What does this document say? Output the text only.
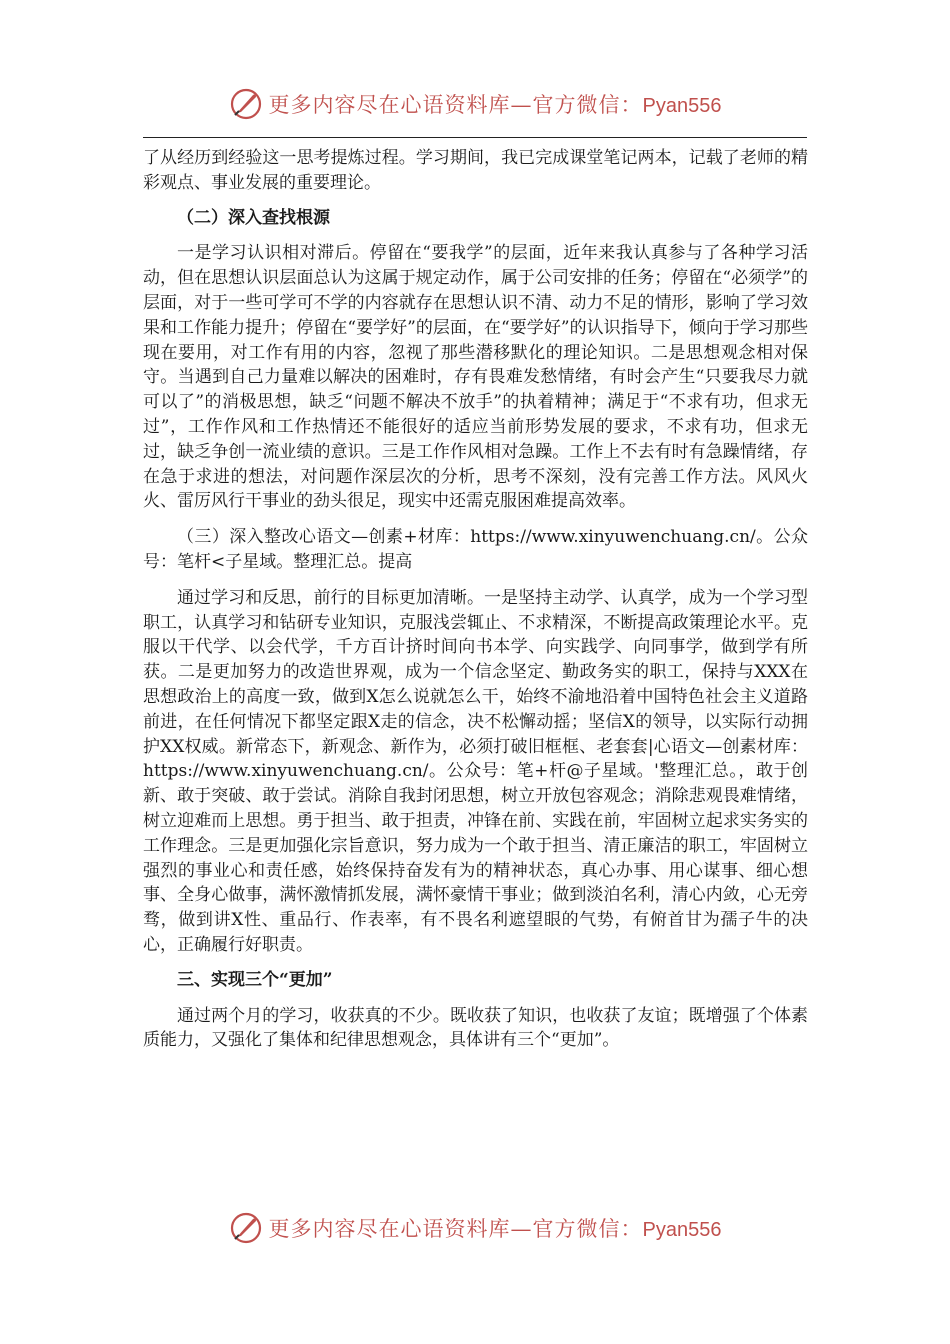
更多内容尽在心语资料库—官方微信：Pyan556

了从经历到经验这一思考提炼过程。学习期间，我已完成课堂笔记两本，记载了老师的精彩观点、事业发展的重要理论。

（二）深入查找根源

一是学习认识相对滞后。停留在“要我学”的层面，近年来我认真参与了各种学习活动，但在思想认识层面总认为这属于规定动作，属于公司安排的任务；停留在“必须学”的层面，对于一些可学可不学的内容就存在思想认识不清、动力不足的情形，影响了学习效果和工作能力提升；停留在“要学好”的层面，在“要学好”的认识指导下，倾向于学习那些现在要用，对工作有用的内容，忽视了那些潜移默化的理论知识。二是思想观念相对保守。当遇到自己力量难以解决的困难时，存有畏难发愁情绪，有时会产生“只要我尽力就可以了”的消极思想，缺乏“问题不解决不放手”的执着精神；满足于“不求有功，但求无过”，工作作风和工作热情还不能很好的适应当前形势发展的要求，不求有功，但求无过，缺乏争创一流业绩的意识。三是工作作风相对急躁。工作上不去有时有急躁情绪，存在急于求进的想法，对问题作深层次的分析，思考不深刻，没有完善工作方法。风风火火、雷厉风行干事业的劲头很足，现实中还需克服困难提高效率。

（三）深入整改心语文—创素+材库：https://www.xinyuwenchuang.cn/。公众号：笔杆<子星域。整理汇总。提高

通过学习和反思，前行的目标更加清晰。一是坚持主动学、认真学，成为一个学习型职工，认真学习和钻研专业知识，克服浅尝辄止、不求精深，不断提高政策理论水平。克服以干代学、以会代学，千方百计挤时间向书本学、向实践学、向同事学，做到学有所获。二是更加努力的改造世界观，成为一个信念坚定、勤政务实的职工，保持与XXX在思想政治上的高度一致，做到X怎么说就怎么干，始终不渝地沿着中国特色社会主义道路前进，在任何情况下都坚定跟X走的信念，决不松懈动摇；坚信X的领导，以实际行动拥护XX权威。新常态下，新观念、新作为，必须打破旧框框、老套套|心语文—创素材库：https://www.xinyuwenchuang.cn/。公众号：笔+杆@子星域。'整理汇总。，敢于创新、敢于突破、敢于尝试。消除自我封闭思想，树立开放包容观念；消除悲观畏难情绪，树立迎难而上思想。勇于担当、敢于担责，冲锋在前、实践在前，牢固树立起求实务实的工作理念。三是更加强化宗旨意识，努力成为一个敢于担当、清正廉洁的职工，牢固树立强烈的事业心和责任感，始终保持奋发有为的精神状态，真心办事、用心谋事、细心想事、全身心做事，满怀激情抓发展，满怀豪情干事业；做到淡泊名利，清心内敛，心无旁骛，做到讲X性、重品行、作表率，有不畏名利遮望眼的气势，有俯首甘为孺子牛的决心，正确履行好职责。

三、实现三个“更加”

通过两个月的学习，收获真的不少。既收获了知识，也收获了友谊；既增强了个体素质能力，又强化了集体和纪律思想观念，具体讲有三个“更加”。

更多内容尽在心语资料库—官方微信：Pyan556
